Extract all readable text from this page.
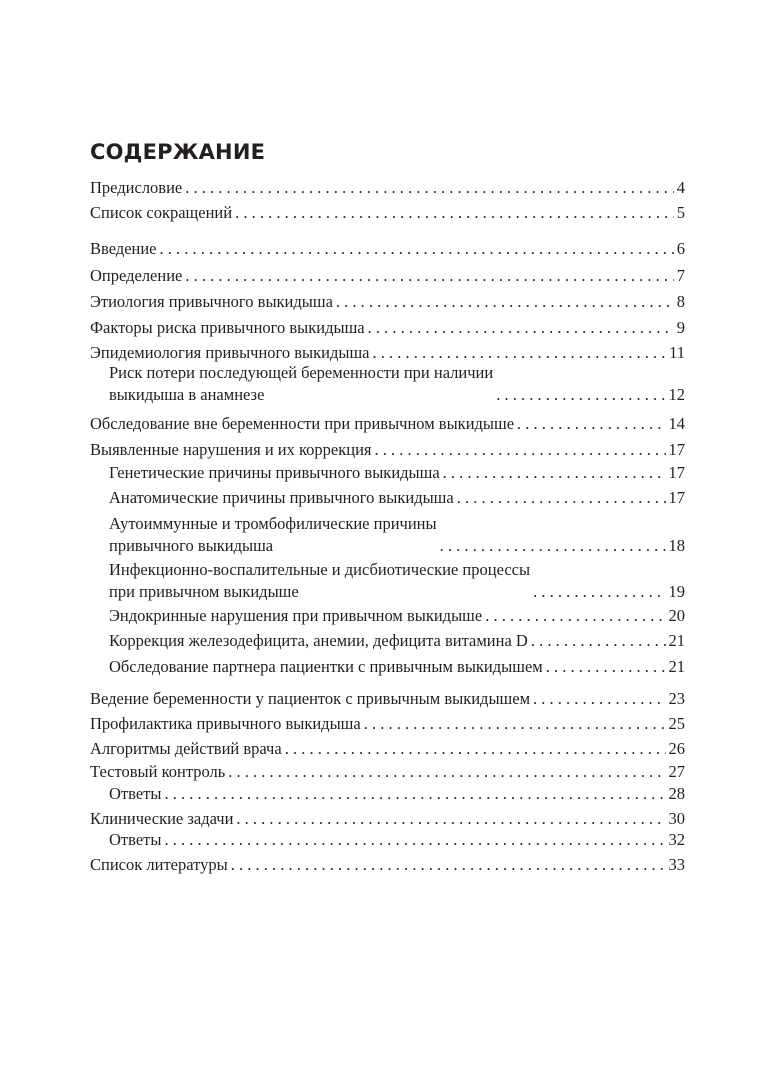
СОДЕРЖАНИЕ
Предисловие . . .	4
Список сокращений . . .	5
Введение . . .	6
Определение . . .	7
Этиология привычного выкидыша . . .	8
Факторы риска привычного выкидыша . . .	9
Эпидемиология привычного выкидыша . . .	11
Риск потери последующей беременности при наличии
выкидыша в анамнезе . . .	12
Обследование вне беременности при привычном выкидыше . . .	14
Выявленные нарушения и их коррекция . . .	17
Генетические причины привычного выкидыша . . .	17
Анатомические причины привычного выкидыша . . .	17
Аутоиммунные и тромбофилические причины
привычного выкидыша . . .	18
Инфекционно-воспалительные и дисбиотические процессы
при привычном выкидыше . . .	19
Эндокринные нарушения при привычном выкидыше . . .	20
Коррекция железодефицита, анемии, дефицита витамина D . . .	21
Обследование партнера пациентки с привычным выкидышем . . .	21
Ведение беременности у пациенток с привычным выкидышем . . .	23
Профилактика привычного выкидыша . . .	25
Алгоритмы действий врача . . .	26
Тестовый контроль . . .	27
Ответы . . .	28
Клинические задачи . . .	30
Ответы . . .	32
Список литературы . . .	33
